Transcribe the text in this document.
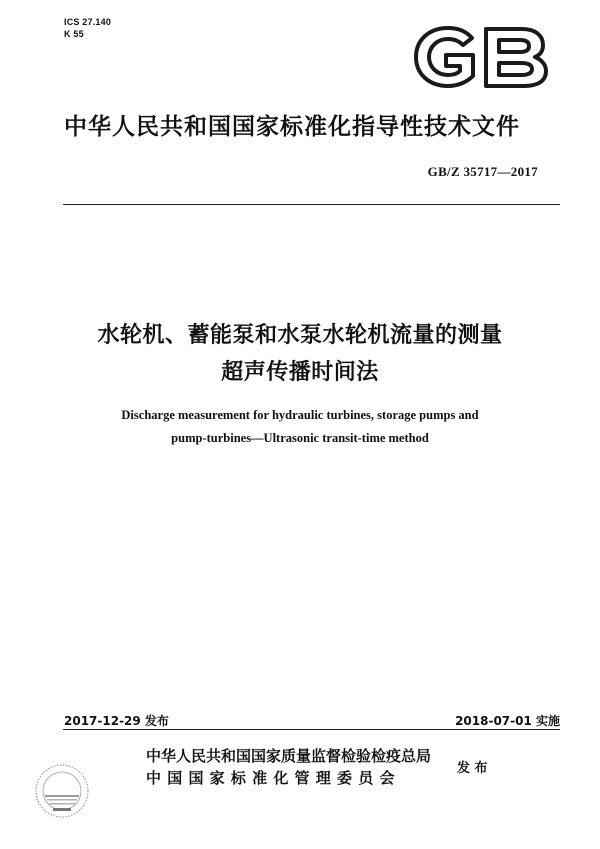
ICS 27.140
K 55
中华人民共和国国家标准化指导性技术文件
GB/Z 35717—2017
水轮机、蓄能泵和水泵水轮机流量的测量
超声传播时间法
Discharge measurement for hydraulic turbines, storage pumps and
pump-turbines—Ultrasonic transit-time method
2017-12-29 发布	2018-07-01 实施
中华人民共和国国家质量监督检验检疫总局
中 国 国 家 标 准 化 管 理 委 员 会
发 布
